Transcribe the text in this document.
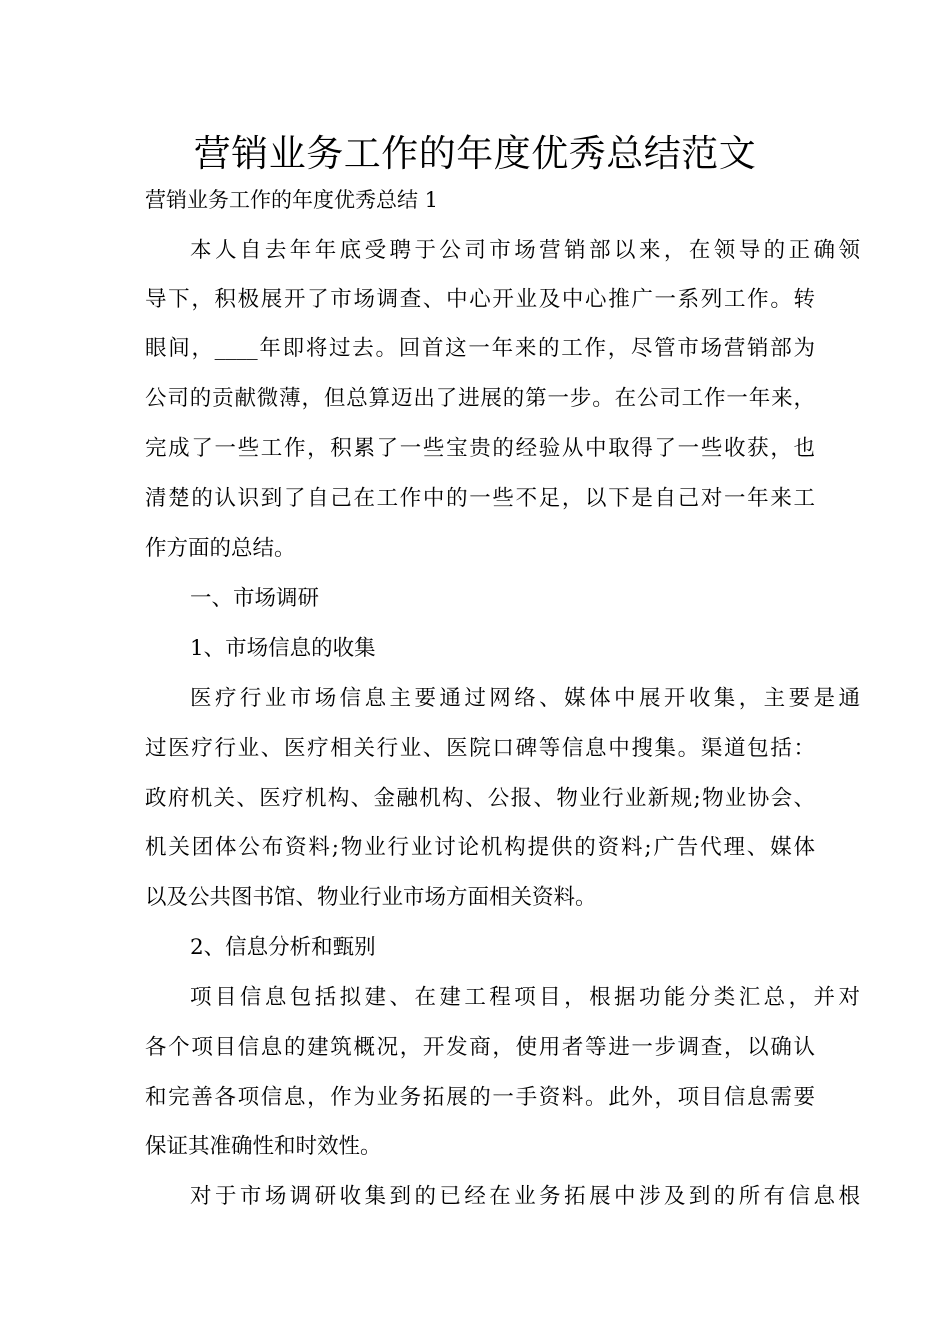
营销业务工作的年度优秀总结范文

营销业务工作的年度优秀总结 1

本人自去年年底受聘于公司市场营销部以来，在领导的正确领

导下，积极展开了市场调查、中心开业及中心推广一系列工作。转

眼间，____年即将过去。回首这一年来的工作，尽管市场营销部为

公司的贡献微薄，但总算迈出了进展的第一步。在公司工作一年来，

完成了一些工作，积累了一些宝贵的经验从中取得了一些收获，也

清楚的认识到了自己在工作中的一些不足，以下是自己对一年来工

作方面的总结。

一、市场调研

1、市场信息的收集

医疗行业市场信息主要通过网络、媒体中展开收集，主要是通

过医疗行业、医疗相关行业、医院口碑等信息中搜集。渠道包括：

政府机关、医疗机构、金融机构、公报、物业行业新规;物业协会、

机关团体公布资料;物业行业讨论机构提供的资料;广告代理、媒体

以及公共图书馆、物业行业市场方面相关资料。

2、信息分析和甄别

项目信息包括拟建、在建工程项目，根据功能分类汇总，并对

各个项目信息的建筑概况，开发商，使用者等进一步调查，以确认

和完善各项信息，作为业务拓展的一手资料。此外，项目信息需要

保证其准确性和时效性。

对于市场调研收集到的已经在业务拓展中涉及到的所有信息根
